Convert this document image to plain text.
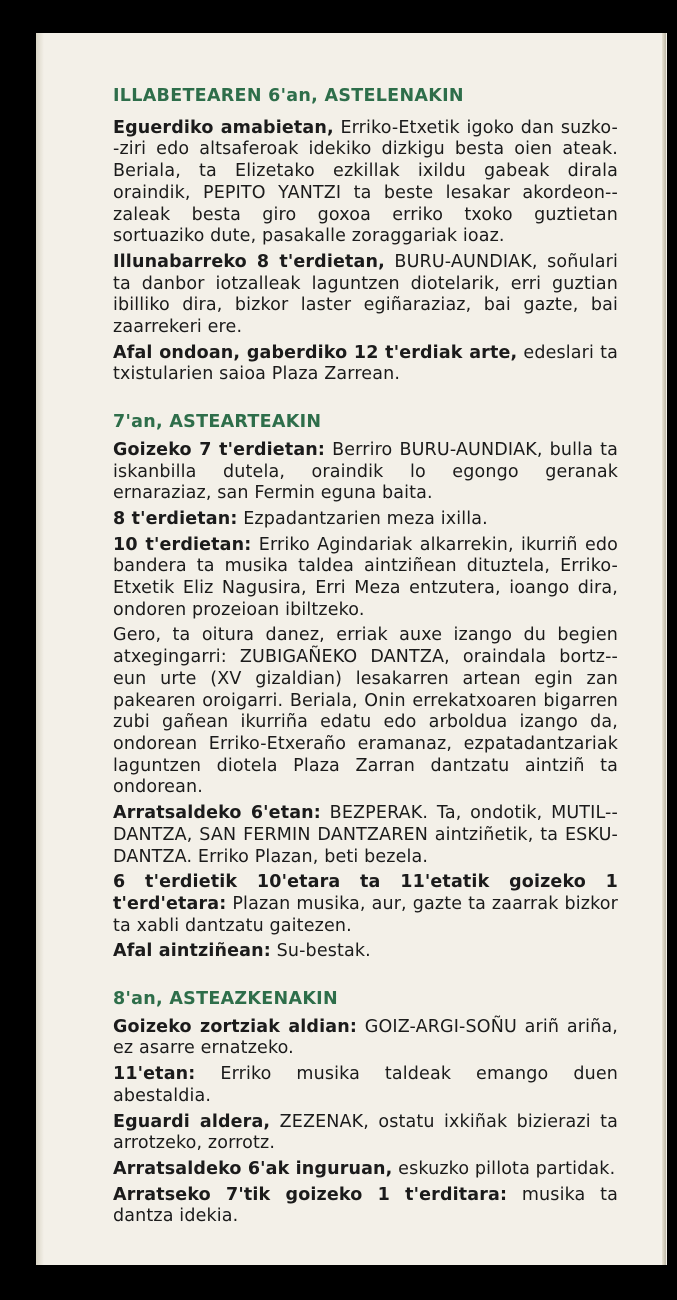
ILLABETEAREN 6'an, ASTELENAKIN
Eguerdiko amabietan, Erriko-Etxetik igoko dan suzko--ziri edo altsaferoak idekiko dizkigu besta oien ateak. Beriala, ta Elizetako ezkillak ixildu gabeak dirala oraindik, PEPITO YANTZI ta beste lesakar akordeon--zaleak besta giro goxoa erriko txoko guztietan sortuaziko dute, pasakalle zoraggariak ioaz.
Illunabarreko 8 t'erdietan, BURU-AUNDIAK, soñulari ta danbor iotzalleak laguntzen diotelarik, erri guztian ibilliko dira, bizkor laster egiñaraziaz, bai gazte, bai zaarrekeri ere.
Afal ondoan, gaberdiko 12 t'erdiak arte, edeslari ta txistularien saioa Plaza Zarrean.
7'an, ASTEARTEAKIN
Goizeko 7 t'erdietan: Berriro BURU-AUNDIAK, bulla ta iskanbilla dutela, oraindik lo egongo geranak ernaraziaz, san Fermin eguna baita.
8 t'erdietan: Ezpadantzarien meza ixilla.
10 t'erdietan: Erriko Agindariak alkarrekin, ikurriñ edo bandera ta musika taldea aintziñean dituztela, Erriko-Etxetik Eliz Nagusira, Erri Meza entzutera, ioango dira, ondoren prozeioan ibiltzeko.
Gero, ta oitura danez, erriak auxe izango du begien atxegingarri: ZUBIGAÑEKO DANTZA, oraindala bortz--eun urte (XV gizaldian) lesakarren artean egin zan pakearen oroigarri. Beriala, Onin errekatxoaren bigarren zubi gañean ikurriña edatu edo arboldua izango da, ondorean Erriko-Etxeraño eramanaz, ezpatadantzariak laguntzen diotela Plaza Zarran dantzatu aintziñ ta ondorean.
Arratsaldeko 6'etan: BEZPERAK. Ta, ondotik, MUTIL--DANTZA, SAN FERMIN DANTZAREN aintziñetik, ta ESKU-DANTZA. Erriko Plazan, beti bezela.
6 t'erdietik 10'etara ta 11'etatik goizeko 1 t'erd'etara: Plazan musika, aur, gazte ta zaarrak bizkor ta xabli dantzatu gaitezen.
Afal aintziñean: Su-bestak.
8'an, ASTEAZKENAKIN
Goizeko zortziak aldian: GOIZ-ARGI-SOÑU ariñ ariña, ez asarre ernatzeko.
11'etan: Erriko musika taldeak emango duen abestaldia.
Eguardi aldera, ZEZENAK, ostatu ixkiñak bizierazi ta arrotzeko, zorrotz.
Arratsaldeko 6'ak inguruan, eskuzko pillota partidak.
Arratseko 7'tik goizeko 1 t'erditara: musika ta dantza idekia.
